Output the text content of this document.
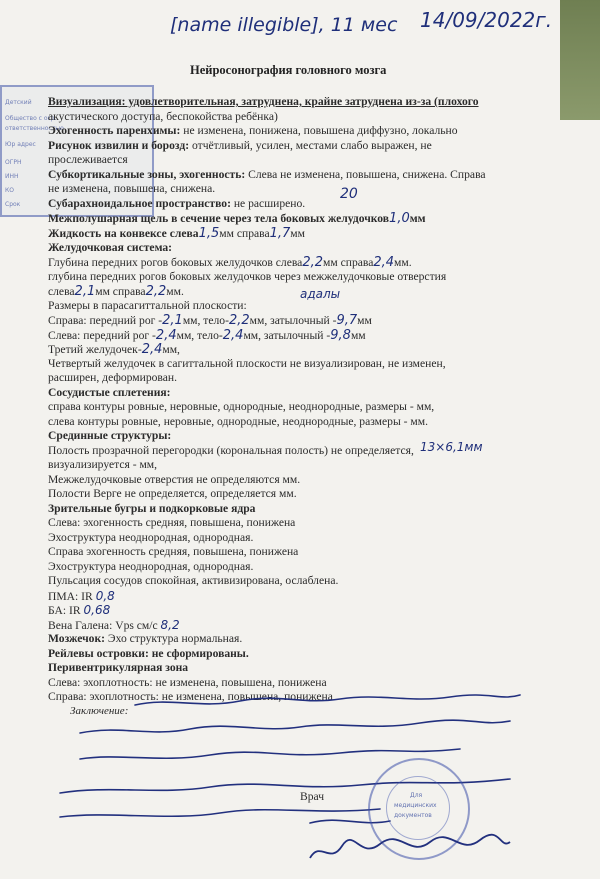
[name illegible], 11 мес 14/09/2022г.
Нейросонография головного мозга
Детский
Общество с огр.
ответственностью
Юр адрес
ОГРН
ИНН
КО
Срок
Визуализация: удовлетворительная, затруднена, крайне затруднена из-за (плохого
акустического доступа, беспокойства ребёнка)
Эхогенность паренхимы: не изменена, понижена, повышена диффузно, локально
Рисунок извилин и борозд: отчётливый, усилен, местами слабо выражен, не
прослеживается
Субкортикальные зоны, эхогенность: Слева не изменена, повышена, снижена. Справа
не изменена, повышена, снижена.
Субарахноидальное пространство: не расширено.
20
Межполушарная щель в сечение через тела боковых желудочков1,0мм
Жидкость на конвексе слева1,5мм справа1,7мм
Желудочковая система:
Глубина передних рогов боковых желудочков слева2,2мм справа2,4мм.
глубина передних рогов боковых желудочков через межжелудочковые отверстия
слева2,1мм справа2,2мм.
Размеры в парасагиттальной плоскости:
адалы
Справа: передний рог -2,1мм, тело-2,2мм, затылочный -9,7мм
Слева: передний рог -2,4мм, тело-2,4мм, затылочный -9,8мм
Третий желудочек-2,4мм,
Четвертый желудочек в сагиттальной плоскости не визуализирован, не изменен,
расширен, деформирован.
Сосудистые сплетения:
справа контуры ровные, неровные, однородные, неоднородные, размеры - мм,
слева контуры ровные, неровные, однородные, неоднородные, размеры - мм.
Срединные структуры:
Полость прозрачной перегородки (корональная полость) не определяется, 13×6,1мм
визуализируется - мм,
Межжелудочковые отверстия не определяются мм.
Полости Верге не определяется, определяется мм.
Зрительные бугры и подкорковые ядра
Слева: эхогенность средняя, повышена, понижена
Эхоструктура неоднородная, однородная.
Справа эхогенность средняя, повышена, понижена
Эхоструктура неоднородная, однородная.
Пульсация сосудов спокойная, активизирована, ослаблена.
ПМА: IR 0,8
БА: IR 0,68
Вена Галена: Vps см/с 8,2
Мозжечок: Эхо структура нормальная.
Рейлевы островки: не сформированы.
Перивентрикулярная зона
Слева: эхоплотность: не изменена, повышена, понижена
Справа: эхоплотность: не изменена, повышена, понижена
Заключение:
Врач	Для
медицинских
документов
